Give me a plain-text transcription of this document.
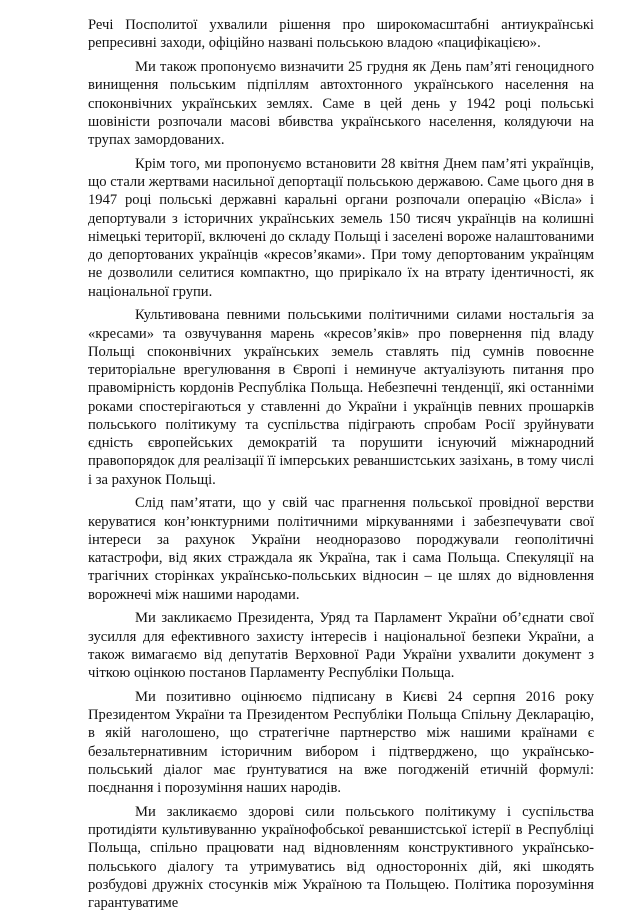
Речі Посполитої ухвалили рішення про широкомасштабні антиукраїнські репресивні заходи, офіційно названі польською владою «пацифікацією».

Ми також пропонуємо визначити 25 грудня як День пам’яті геноцидного винищення польським підпіллям автохтонного українського населення на споконвічних українських землях. Саме в цей день у 1942 році польські шовіністи розпочали масові вбивства українського населення, колядуючи на трупах замордованих.

Крім того, ми пропонуємо встановити 28 квітня Днем пам’яті українців, що стали жертвами насильної депортації польською державою. Саме цього дня в 1947 році польські державні каральні органи розпочали операцію «Вісла» і депортували з історичних українських земель 150 тисяч українців на колишні німецькі території, включені до складу Польщі і заселені вороже налаштованими до депортованих українців «кресов’яками». При тому депортованим українцям не дозволили селитися компактно, що прирікало їх на втрату ідентичності, як національної групи.

Культивована певними польськими політичними силами ностальгія за «кресами» та озвучування марень «кресов’яків» про повернення під владу Польщі споконвічних українських земель ставлять під сумнів повоєнне територіальне врегулювання в Європі і неминуче актуалізують питання про правомірність кордонів Республіка Польща. Небезпечні тенденції, які останніми роками спостерігаються у ставленні до України і українців певних прошарків польського політикуму та суспільства підіграють спробам Росії зруйнувати єдність європейських демократій та порушити існуючий міжнародний правопорядок для реалізації її імперських реваншистських зазіхань, в тому числі і за рахунок Польщі.

Слід пам’ятати, що у свій час прагнення польської провідної верстви керуватися кон’юнктурними політичними міркуваннями і забезпечувати свої інтереси за рахунок України неодноразово породжували геополітичні катастрофи, від яких страждала як Україна, так і сама Польща. Спекуляції на трагічних сторінках українсько-польських відносин – це шлях до відновлення ворожнечі між нашими народами.

Ми закликаємо Президента, Уряд та Парламент України об’єднати свої зусилля для ефективного захисту інтересів і національної безпеки України, а також вимагаємо від депутатів Верховної Ради України ухвалити документ з чіткою оцінкою постанов Парламенту Республіки Польща.

Ми позитивно оцінюємо підписану в Києві 24 серпня 2016 року Президентом України та Президентом Республіки Польща Спільну Декларацію, в якій наголошено, що стратегічне партнерство між нашими країнами є безальтернативним історичним вибором і підтверджено, що українсько-польський діалог має ґрунтуватися на вже погодженій етичній формулі: поєднання і порозуміння наших народів.

Ми закликаємо здорові сили польського політикуму і суспільства протидіяти культивуванню українофобської реваншистської істерії в Республіці Польща, спільно працювати над відновленням конструктивного українсько-польського діалогу та утримуватись від односторонніх дій, які шкодять розбудові дружніх стосунків між Україною та Польщею. Політика порозуміння гарантуватиме
